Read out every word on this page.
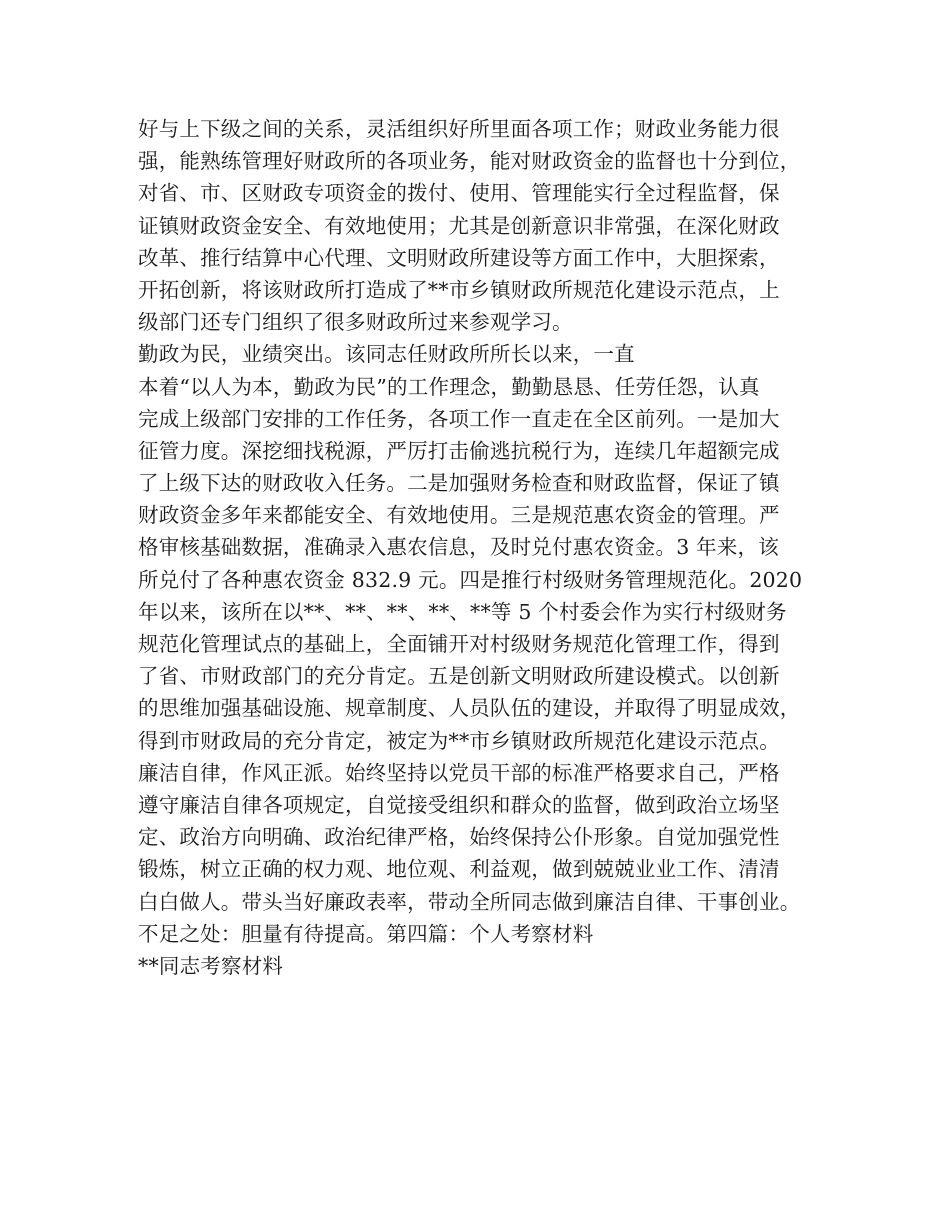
好与上下级之间的关系，灵活组织好所里面各项工作；财政业务能力很
强，能熟练管理好财政所的各项业务，能对财政资金的监督也十分到位，
对省、市、区财政专项资金的拨付、使用、管理能实行全过程监督，保
证镇财政资金安全、有效地使用；尤其是创新意识非常强，在深化财政
改革、推行结算中心代理、文明财政所建设等方面工作中，大胆探索，
开拓创新，将该财政所打造成了**市乡镇财政所规范化建设示范点，上
级部门还专门组织了很多财政所过来参观学习。
勤政为民，业绩突出。该同志任财政所所长以来，一直
本着“以人为本，勤政为民”的工作理念，勤勤恳恳、任劳任怨，认真
完成上级部门安排的工作任务，各项工作一直走在全区前列。一是加大
征管力度。深挖细找税源，严厉打击偷逃抗税行为，连续几年超额完成
了上级下达的财政收入任务。二是加强财务检查和财政监督，保证了镇
财政资金多年来都能安全、有效地使用。三是规范惠农资金的管理。严
格审核基础数据，准确录入惠农信息，及时兑付惠农资金。3 年来，该
所兑付了各种惠农资金 832.9 元。四是推行村级财务管理规范化。2020
年以来，该所在以**、**、**、**、**等 5 个村委会作为实行村级财务
规范化管理试点的基础上，全面铺开对村级财务规范化管理工作，得到
了省、市财政部门的充分肯定。五是创新文明财政所建设模式。以创新
的思维加强基础设施、规章制度、人员队伍的建设，并取得了明显成效，
得到市财政局的充分肯定，被定为**市乡镇财政所规范化建设示范点。
廉洁自律，作风正派。始终坚持以党员干部的标准严格要求自己，严格
遵守廉洁自律各项规定，自觉接受组织和群众的监督，做到政治立场坚
定、政治方向明确、政治纪律严格，始终保持公仆形象。自觉加强党性
锻炼，树立正确的权力观、地位观、利益观，做到兢兢业业工作、清清
白白做人。带头当好廉政表率，带动全所同志做到廉洁自律、干事创业。
不足之处：胆量有待提高。第四篇：个人考察材料
**同志考察材料
